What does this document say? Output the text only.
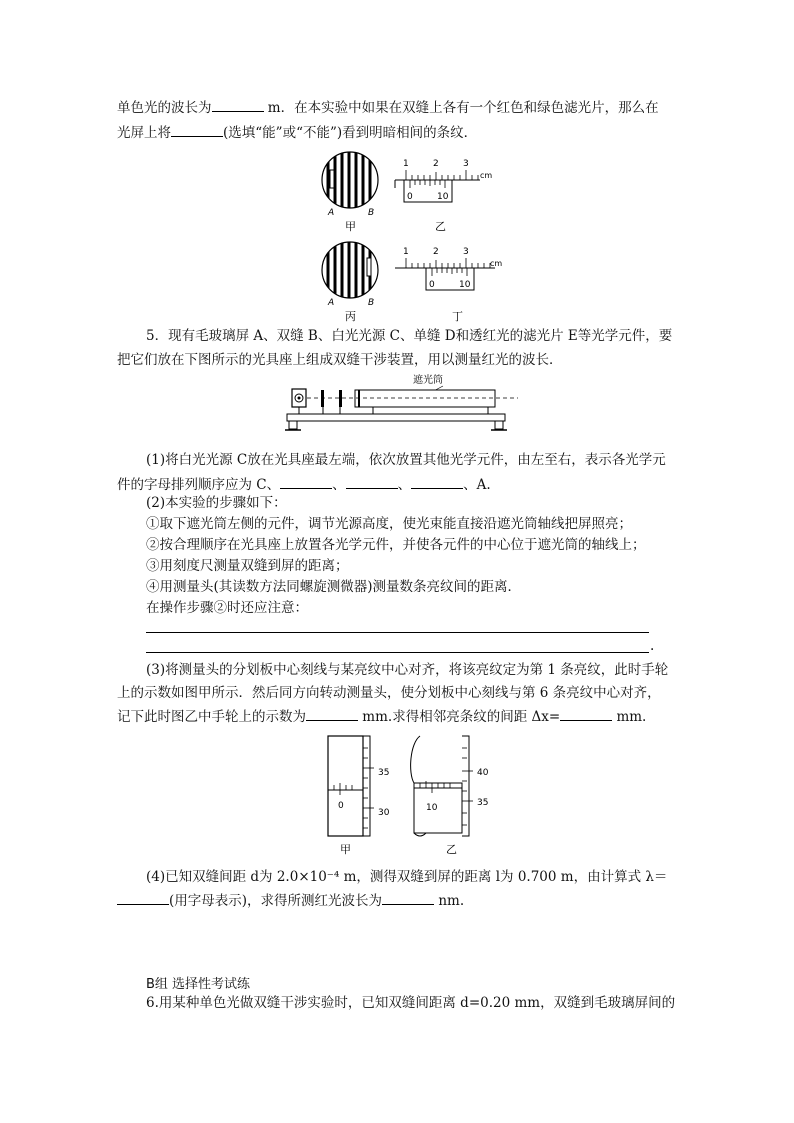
单色光的波长为	m．在本实验中如果在双缝上各有一个红色和绿色滤光片，那么在
光屏上将	(选填“能”或“不能”)看到明暗相间的条纹．
A	B
甲
1	2	3
cm
0	10
乙
A	B
丙
1	2	3
cm
0	10
丁
5．现有毛玻璃屏 A、双缝 B、白光光源 C、单缝 D和透红光的滤光片 E等光学元件，要
把它们放在下图所示的光具座上组成双缝干涉装置，用以测量红光的波长．
遮光筒
(1)将白光光源 C放在光具座最左端，依次放置其他光学元件，由左至右，表示各光学元
件的字母排列顺序应为 C、	、	、	、A.
(2)本实验的步骤如下：
①取下遮光筒左侧的元件，调节光源高度，使光束能直接沿遮光筒轴线把屏照亮；
②按合理顺序在光具座上放置各光学元件，并使各元件的中心位于遮光筒的轴线上；
③用刻度尺测量双缝到屏的距离；
④用测量头(其读数方法同螺旋测微器)测量数条亮纹间的距离．
在操作步骤②时还应注意：
.
(3)将测量头的分划板中心刻线与某亮纹中心对齐，将该亮纹定为第 1 条亮纹，此时手轮
上的示数如图甲所示．然后同方向转动测量头，使分划板中心刻线与第 6 条亮纹中心对齐，
记下此时图乙中手轮上的示数为	mm.求得相邻亮条纹的间距 Δx=	mm.
0
35
30
甲
10
40
35
乙
(4)已知双缝间距 d为 2.0×10⁻⁴ m，测得双缝到屏的距离 l为 0.700 m，由计算式 λ＝
(用字母表示)，求得所测红光波长为	nm.
B组 选择性考试练
6.用某种单色光做双缝干涉实验时，已知双缝间距离 d=0.20 mm，双缝到毛玻璃屏间的
